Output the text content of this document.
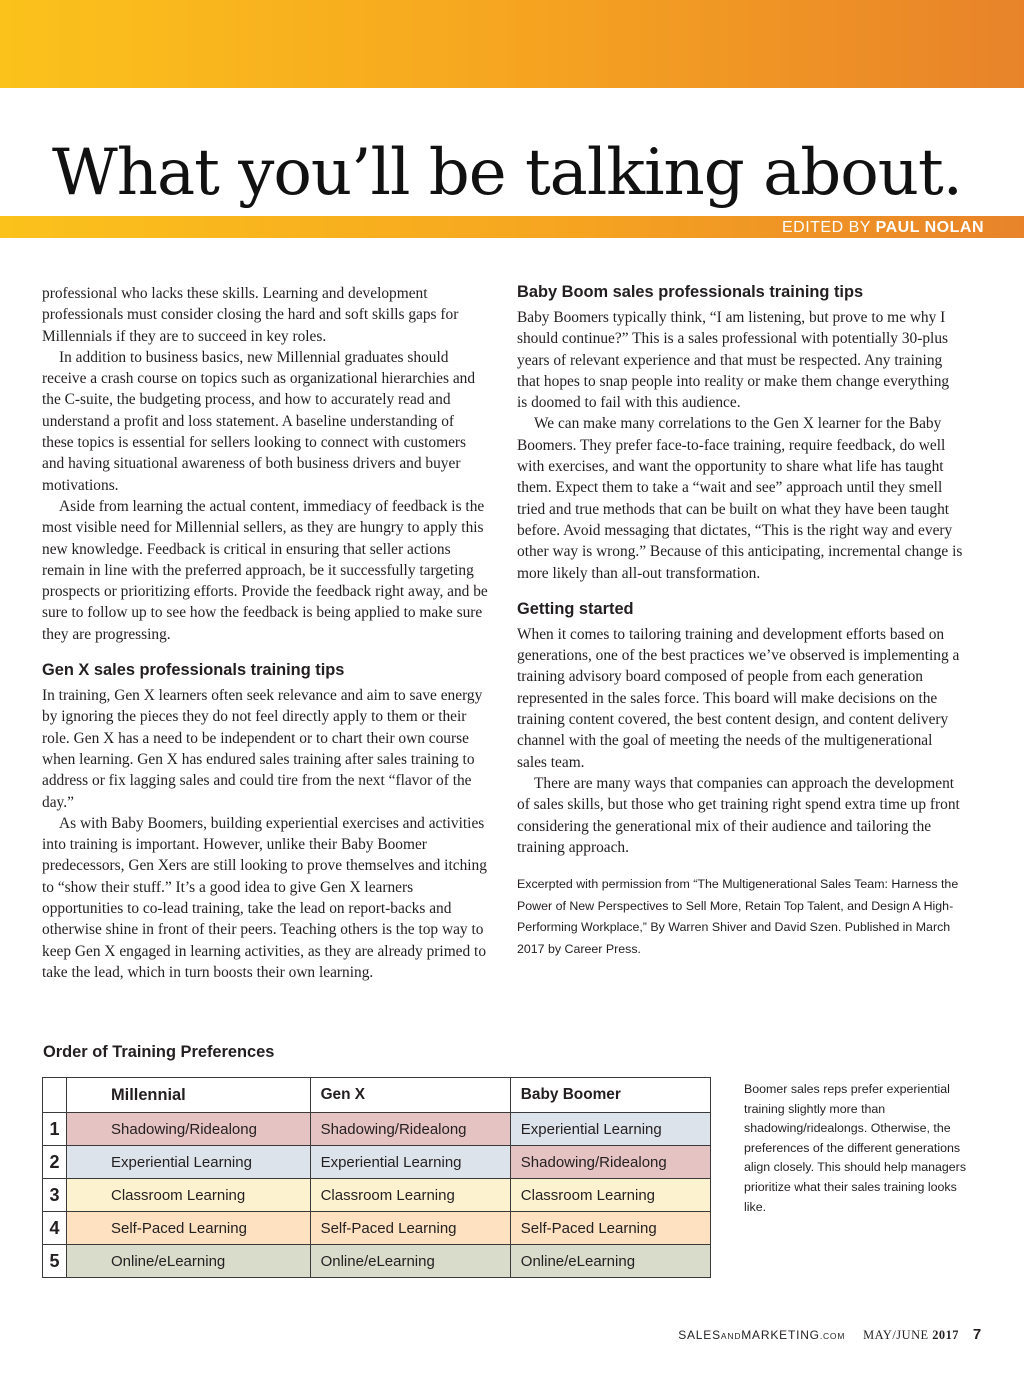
What you’ll be talking about.
EDITED BY PAUL NOLAN

professional who lacks these skills. Learning and development professionals must consider closing the hard and soft skills gaps for Millennials if they are to succeed in key roles.

In addition to business basics, new Millennial graduates should receive a crash course on topics such as organizational hierarchies and the C-suite, the budgeting process, and how to accurately read and understand a profit and loss statement. A baseline understanding of these topics is essential for sellers looking to connect with customers and having situational awareness of both business drivers and buyer motivations.

Aside from learning the actual content, immediacy of feedback is the most visible need for Millennial sellers, as they are hungry to apply this new knowledge. Feedback is critical in ensuring that seller actions remain in line with the preferred approach, be it successfully targeting prospects or prioritizing efforts. Provide the feedback right away, and be sure to follow up to see how the feedback is being applied to make sure they are progressing.

Gen X sales professionals training tips

In training, Gen X learners often seek relevance and aim to save energy by ignoring the pieces they do not feel directly apply to them or their role. Gen X has a need to be independent or to chart their own course when learning. Gen X has endured sales training after sales training to address or fix lagging sales and could tire from the next “flavor of the day.”

As with Baby Boomers, building experiential exercises and activities into training is important. However, unlike their Baby Boomer predecessors, Gen Xers are still looking to prove themselves and itching to “show their stuff.” It’s a good idea to give Gen X learners opportunities to co-lead training, take the lead on report-backs and otherwise shine in front of their peers. Teaching others is the top way to keep Gen X engaged in learning activities, as they are already primed to take the lead, which in turn boosts their own learning.

Baby Boom sales professionals training tips

Baby Boomers typically think, “I am listening, but prove to me why I should continue?” This is a sales professional with potentially 30-plus years of relevant experience and that must be respected. Any training that hopes to snap people into reality or make them change everything is doomed to fail with this audience.

We can make many correlations to the Gen X learner for the Baby Boomers. They prefer face-to-face training, require feedback, do well with exercises, and want the opportunity to share what life has taught them. Expect them to take a “wait and see” approach until they smell tried and true methods that can be built on what they have been taught before. Avoid messaging that dictates, “This is the right way and every other way is wrong.” Because of this anticipating, incremental change is more likely than all-out transformation.

Getting started

When it comes to tailoring training and development efforts based on generations, one of the best practices we’ve observed is implementing a training advisory board composed of people from each generation represented in the sales force. This board will make decisions on the training content covered, the best content design, and content delivery channel with the goal of meeting the needs of the multigenerational sales team.

There are many ways that companies can approach the development of sales skills, but those who get training right spend extra time up front considering the generational mix of their audience and tailoring the training approach.

Excerpted with permission from “The Multigenerational Sales Team: Harness the Power of New Perspectives to Sell More, Retain Top Talent, and Design A High-Performing Workplace,” By Warren Shiver and David Szen. Published in March 2017 by Career Press.
Order of Training Preferences
	Millennial	Gen X	Baby Boomer
1	Shadowing/Ridealong	Shadowing/Ridealong	Experiential Learning
2	Experiential Learning	Experiential Learning	Shadowing/Ridealong
3	Classroom Learning	Classroom Learning	Classroom Learning
4	Self-Paced Learning	Self-Paced Learning	Self-Paced Learning
5	Online/eLearning	Online/eLearning	Online/eLearning
Boomer sales reps prefer experiential training slightly more than shadowing/ridealongs. Otherwise, the preferences of the different generations align closely. This should help managers prioritize what their sales training looks like.
SALESANDMARKETING.COM MAY/JUNE 2017 7
